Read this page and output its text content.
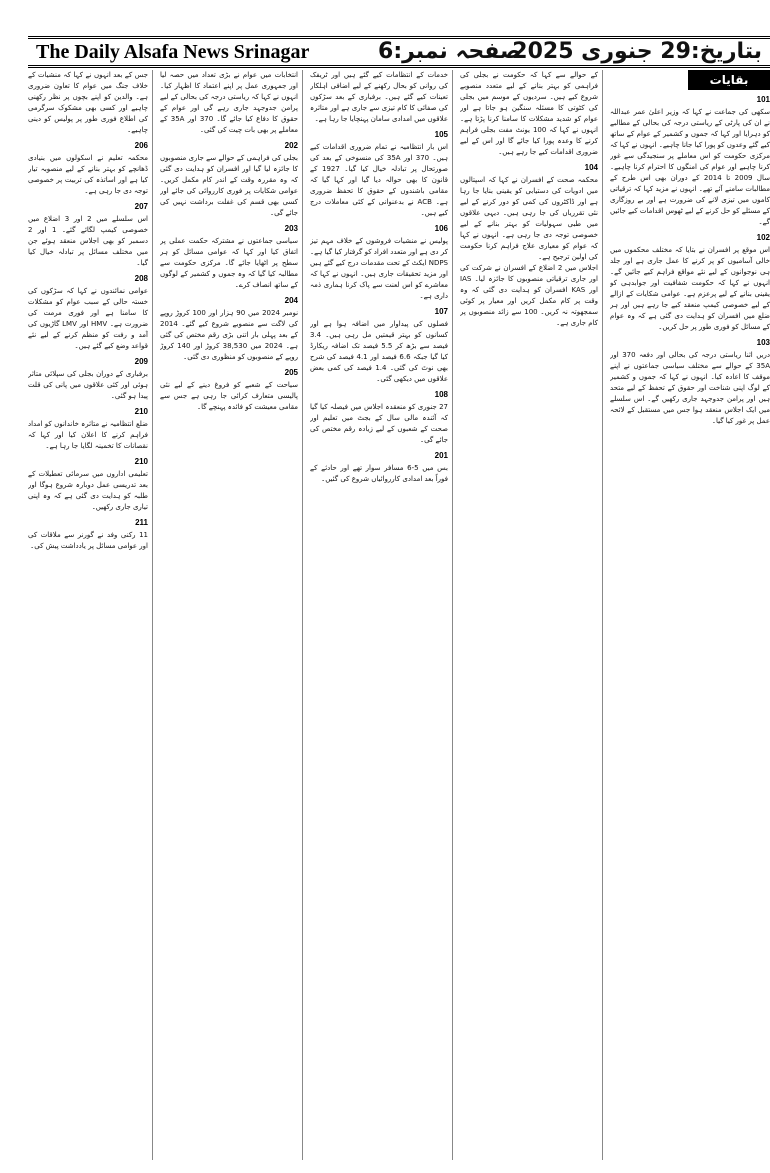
The Daily Alsafa News Srinagar	صفحہ نمبر:6
بتاریخ:29 جنوری 2025
بقایات
101
سکھی کی جماعت نے کہا کہ وزیر اعلیٰ عمر عبداللہ نے ان کی پارٹی کے ریاستی درجہ کی بحالی کے مطالبے کو دہرایا اور کہا کہ جموں و کشمیر کے عوام کے ساتھ کیے گئے وعدوں کو پورا کیا جانا چاہیے۔ انہوں نے کہا کہ مرکزی حکومت کو اس معاملے پر سنجیدگی سے غور کرنا چاہیے اور عوام کی امنگوں کا احترام کرنا چاہیے۔ سال 2009 تا 2014 کے دوران بھی اس طرح کے مطالبات سامنے آئے تھے۔ انہوں نے مزید کہا کہ ترقیاتی کاموں میں تیزی لانے کی ضرورت ہے اور بے روزگاری کے مسئلے کو حل کرنے کے لیے ٹھوس اقدامات کیے جائیں گے۔
102
اس موقع پر افسران نے بتایا کہ مختلف محکموں میں خالی آسامیوں کو پر کرنے کا عمل جاری ہے اور جلد ہی نوجوانوں کے لیے نئے مواقع فراہم کیے جائیں گے۔ انہوں نے کہا کہ حکومت شفافیت اور جوابدہی کو یقینی بنانے کے لیے پرعزم ہے۔ عوامی شکایات کے ازالے کے لیے خصوصی کیمپ منعقد کیے جا رہے ہیں اور ہر ضلع میں افسران کو ہدایت دی گئی ہے کہ وہ عوام کے مسائل کو فوری طور پر حل کریں۔
103
دریں اثنا ریاستی درجہ کی بحالی اور دفعہ 370 اور 35A کے حوالے سے مختلف سیاسی جماعتوں نے اپنے موقف کا اعادہ کیا۔ انہوں نے کہا کہ جموں و کشمیر کے لوگ اپنی شناخت اور حقوق کے تحفظ کے لیے متحد ہیں اور پرامن جدوجہد جاری رکھیں گے۔ اس سلسلے میں ایک اجلاس منعقد ہوا جس میں مستقبل کے لائحہ عمل پر غور کیا گیا۔
کے حوالے سے کہا کہ حکومت نے بجلی کی فراہمی کو بہتر بنانے کے لیے متعدد منصوبے شروع کیے ہیں۔ سردیوں کے موسم میں بجلی کی کٹوتی کا مسئلہ سنگین ہو جاتا ہے اور عوام کو شدید مشکلات کا سامنا کرنا پڑتا ہے۔ انہوں نے کہا کہ 100 یونٹ مفت بجلی فراہم کرنے کا وعدہ پورا کیا جائے گا اور اس کے لیے ضروری اقدامات کیے جا رہے ہیں۔
104
محکمہ صحت کے افسران نے کہا کہ اسپتالوں میں ادویات کی دستیابی کو یقینی بنایا جا رہا ہے اور ڈاکٹروں کی کمی کو دور کرنے کے لیے نئی تقرریاں کی جا رہی ہیں۔ دیہی علاقوں میں طبی سہولیات کو بہتر بنانے کے لیے خصوصی توجہ دی جا رہی ہے۔ انہوں نے کہا کہ عوام کو معیاری علاج فراہم کرنا حکومت کی اولین ترجیح ہے۔
اجلاس میں 2 اضلاع کے افسران نے شرکت کی اور جاری ترقیاتی منصوبوں کا جائزہ لیا۔ IAS اور KAS افسران کو ہدایت دی گئی کہ وہ وقت پر کام مکمل کریں اور معیار پر کوئی سمجھوتہ نہ کریں۔ 100 سے زائد منصوبوں پر کام جاری ہے۔
خدمات کے انتظامات کیے گئے ہیں اور ٹریفک کی روانی کو بحال رکھنے کے لیے اضافی اہلکار تعینات کیے گئے ہیں۔ برفباری کے بعد سڑکوں کی صفائی کا کام تیزی سے جاری ہے اور متاثرہ علاقوں میں امدادی سامان پہنچایا جا رہا ہے۔
105
اس بار انتظامیہ نے تمام ضروری اقدامات کیے ہیں۔ 370 اور 35A کی منسوخی کے بعد کی صورتحال پر تبادلہ خیال کیا گیا۔ 1927 کے قانون کا بھی حوالہ دیا گیا اور کہا گیا کہ مقامی باشندوں کے حقوق کا تحفظ ضروری ہے۔ ACB نے بدعنوانی کے کئی معاملات درج کیے ہیں۔
106
پولیس نے منشیات فروشوں کے خلاف مہم تیز کر دی ہے اور متعدد افراد کو گرفتار کیا گیا ہے۔ NDPS ایکٹ کے تحت مقدمات درج کیے گئے ہیں اور مزید تحقیقات جاری ہیں۔ انہوں نے کہا کہ معاشرے کو اس لعنت سے پاک کرنا ہماری ذمہ داری ہے۔
107
فصلوں کی پیداوار میں اضافہ ہوا ہے اور کسانوں کو بہتر قیمتیں مل رہی ہیں۔ 3.4 فیصد سے بڑھ کر 5.5 فیصد تک اضافہ ریکارڈ کیا گیا جبکہ 6.6 فیصد اور 4.1 فیصد کی شرح بھی نوٹ کی گئی۔ 1.4 فیصد کی کمی بعض علاقوں میں دیکھی گئی۔
108
27 جنوری کو منعقدہ اجلاس میں فیصلہ کیا گیا کہ آئندہ مالی سال کے بجٹ میں تعلیم اور صحت کے شعبوں کے لیے زیادہ رقم مختص کی جائے گی۔
201
بس میں 5-6 مسافر سوار تھے اور حادثے کے فوراً بعد امدادی کارروائیاں شروع کی گئیں۔
انتخابات میں عوام نے بڑی تعداد میں حصہ لیا اور جمہوری عمل پر اپنے اعتماد کا اظہار کیا۔ انہوں نے کہا کہ ریاستی درجہ کی بحالی کے لیے پرامن جدوجہد جاری رہے گی اور عوام کے حقوق کا دفاع کیا جائے گا۔ 370 اور 35A کے معاملے پر بھی بات چیت کی گئی۔
202
بجلی کی فراہمی کے حوالے سے جاری منصوبوں کا جائزہ لیا گیا اور افسران کو ہدایت دی گئی کہ وہ مقررہ وقت کے اندر کام مکمل کریں۔ عوامی شکایات پر فوری کارروائی کی جائے اور کسی بھی قسم کی غفلت برداشت نہیں کی جائے گی۔
203
سیاسی جماعتوں نے مشترکہ حکمت عملی پر اتفاق کیا اور کہا کہ عوامی مسائل کو ہر سطح پر اٹھایا جائے گا۔ مرکزی حکومت سے مطالبہ کیا گیا کہ وہ جموں و کشمیر کے لوگوں کے ساتھ انصاف کرے۔
204
نومبر 2024 میں 90 ہزار اور 100 کروڑ روپے کی لاگت سے منصوبے شروع کیے گئے۔ 2014 کے بعد پہلی بار اتنی بڑی رقم مختص کی گئی ہے۔ 2024 میں 38,530 کروڑ اور 140 کروڑ روپے کے منصوبوں کو منظوری دی گئی۔
205
سیاحت کے شعبے کو فروغ دینے کے لیے نئی پالیسی متعارف کرائی جا رہی ہے جس سے مقامی معیشت کو فائدہ پہنچے گا۔
جس کے بعد انہوں نے کہا کہ منشیات کے خلاف جنگ میں عوام کا تعاون ضروری ہے۔ والدین کو اپنے بچوں پر نظر رکھنی چاہیے اور کسی بھی مشکوک سرگرمی کی اطلاع فوری طور پر پولیس کو دینی چاہیے۔
206
محکمہ تعلیم نے اسکولوں میں بنیادی ڈھانچے کو بہتر بنانے کے لیے منصوبہ تیار کیا ہے اور اساتذہ کی تربیت پر خصوصی توجہ دی جا رہی ہے۔
207
اس سلسلے میں 2 اور 3 اضلاع میں خصوصی کیمپ لگائے گئے۔ 1 اور 2 دسمبر کو بھی اجلاس منعقد ہوئے جن میں مختلف مسائل پر تبادلہ خیال کیا گیا۔
208
عوامی نمائندوں نے کہا کہ سڑکوں کی خستہ حالی کے سبب عوام کو مشکلات کا سامنا ہے اور فوری مرمت کی ضرورت ہے۔ HMV اور LMV گاڑیوں کی آمد و رفت کو منظم کرنے کے لیے نئے قواعد وضع کیے گئے ہیں۔
209
برفباری کے دوران بجلی کی سپلائی متاثر ہوئی اور کئی علاقوں میں پانی کی قلت پیدا ہو گئی۔
210
ضلع انتظامیہ نے متاثرہ خاندانوں کو امداد فراہم کرنے کا اعلان کیا اور کہا کہ نقصانات کا تخمینہ لگایا جا رہا ہے۔
210
تعلیمی اداروں میں سرمائی تعطیلات کے بعد تدریسی عمل دوبارہ شروع ہوگا اور طلبہ کو ہدایت دی گئی ہے کہ وہ اپنی تیاری جاری رکھیں۔
211
11 رکنی وفد نے گورنر سے ملاقات کی اور عوامی مسائل پر یادداشت پیش کی۔
